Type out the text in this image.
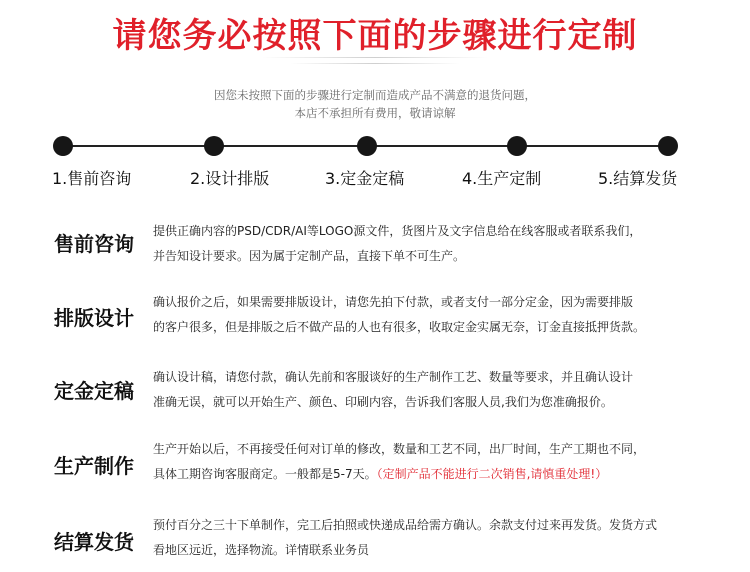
请您务必按照下面的步骤进行定制
因您未按照下面的步骤进行定制而造成产品不满意的退货问题，
本店不承担所有费用，敬请谅解
1.售前咨询	2.设计排版	3.定金定稿	4.生产定制	5.结算发货
售前咨询
提供正确内容的PSD/CDR/AI等LOGO源文件，货图片及文字信息给在线客服或者联系我们，
并告知设计要求。因为属于定制产品，直接下单不可生产。
排版设计
确认报价之后，如果需要排版设计，请您先拍下付款，或者支付一部分定金，因为需要排版
的客户很多，但是排版之后不做产品的人也有很多，收取定金实属无奈，订金直接抵押货款。
定金定稿
确认设计稿，请您付款，确认先前和客服谈好的生产制作工艺、数量等要求，并且确认设计
准确无误，就可以开始生产、颜色、印刷内容，告诉我们客服人员,我们为您准确报价。
生产制作
生产开始以后，不再接受任何对订单的修改，数量和工艺不同，出厂时间，生产工期也不同，
具体工期咨询客服商定。一般都是5-7天。（定制产品不能进行二次销售,请慎重处理!）
结算发货
预付百分之三十下单制作，完工后拍照或快递成品给需方确认。余款支付过来再发货。发货方式
看地区远近，选择物流。详情联系业务员
